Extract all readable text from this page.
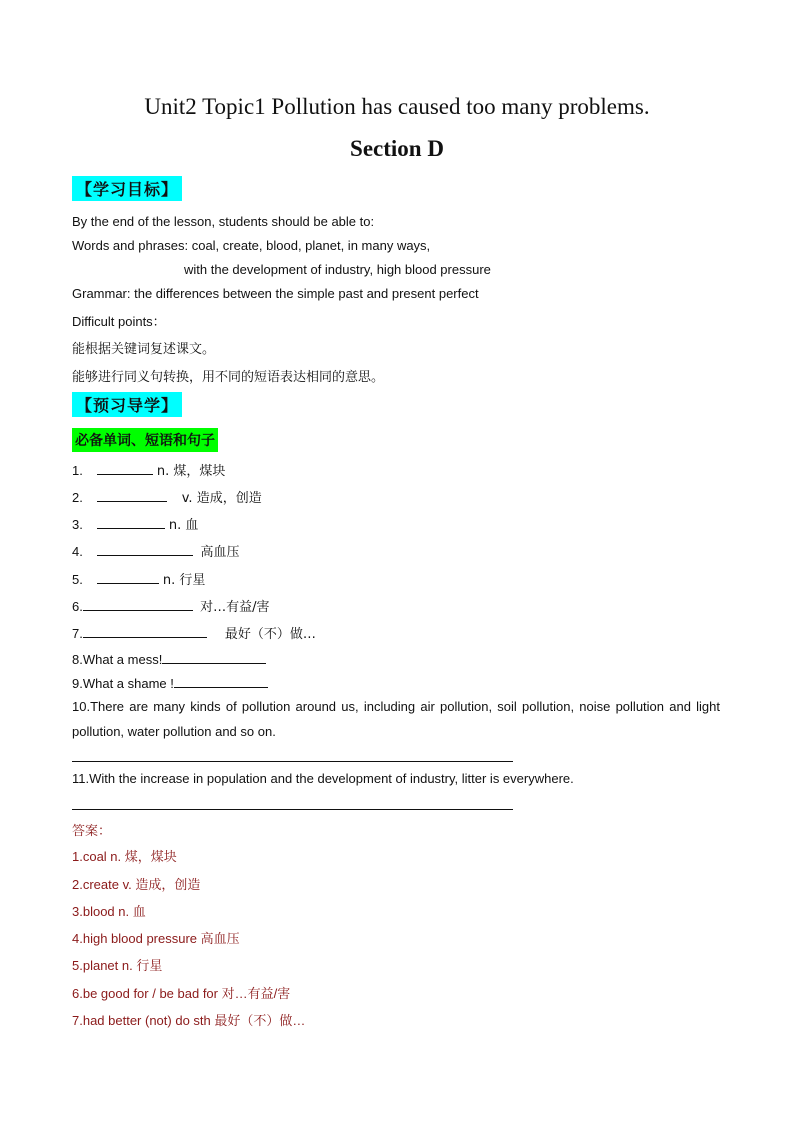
Unit2 Topic1 Pollution has caused too many problems.
Section D
【学习目标】
By the end of the lesson, students should be able to:
Words and phrases: coal, create, blood, planet, in many ways,
with the development of industry, high blood pressure
Grammar: the differences between the simple past and present perfect
Difficult points：
能根据关键词复述课文。
能够进行同义句转换，用不同的短语表达相同的意思。
【预习导学】
必备单词、短语和句子
1.	n. 煤，煤块
2.	v. 造成，创造
3.	n. 血
4.	高血压
5.	n. 行星
6.	对…有益/害
7.	最好（不）做…
8.What a mess!
9.What a shame !
10.There are many kinds of pollution around us, including air pollution, soil pollution, noise pollution and light pollution, water pollution and so on.
11.With the increase in population and the development of industry, litter is everywhere.
答案：
1.coal n. 煤，煤块
2.create v. 造成，创造
3.blood n. 血
4.high blood pressure 高血压
5.planet n. 行星
6.be good for / be bad for 对…有益/害
7.had better (not) do sth 最好（不）做…
